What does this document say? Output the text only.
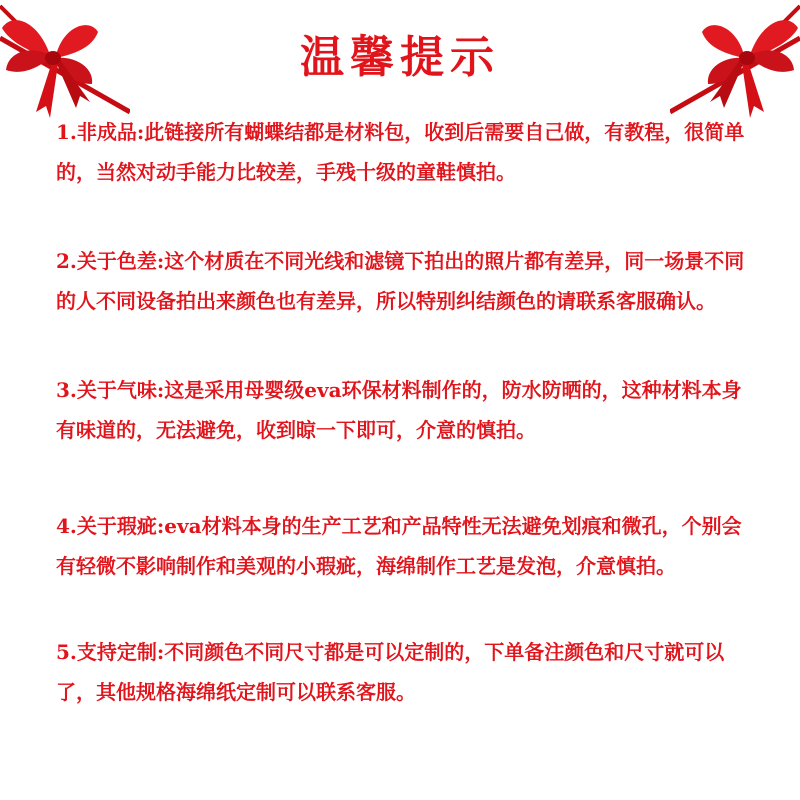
温馨提示

1.非成品:此链接所有蝴蝶结都是材料包，收到后需要自己做，有教程，很简单的，当然对动手能力比较差，手残十级的童鞋慎拍。

2.关于色差:这个材质在不同光线和滤镜下拍出的照片都有差异，同一场景不同的人不同设备拍出来颜色也有差异，所以特别纠结颜色的请联系客服确认。

3.关于气味:这是采用母婴级eva环保材料制作的，防水防晒的，这种材料本身有味道的，无法避免，收到晾一下即可，介意的慎拍。

4.关于瑕疵:eva材料本身的生产工艺和产品特性无法避免划痕和微孔，个别会有轻微不影响制作和美观的小瑕疵，海绵制作工艺是发泡，介意慎拍。

5.支持定制:不同颜色不同尺寸都是可以定制的，下单备注颜色和尺寸就可以了，其他规格海绵纸定制可以联系客服。
